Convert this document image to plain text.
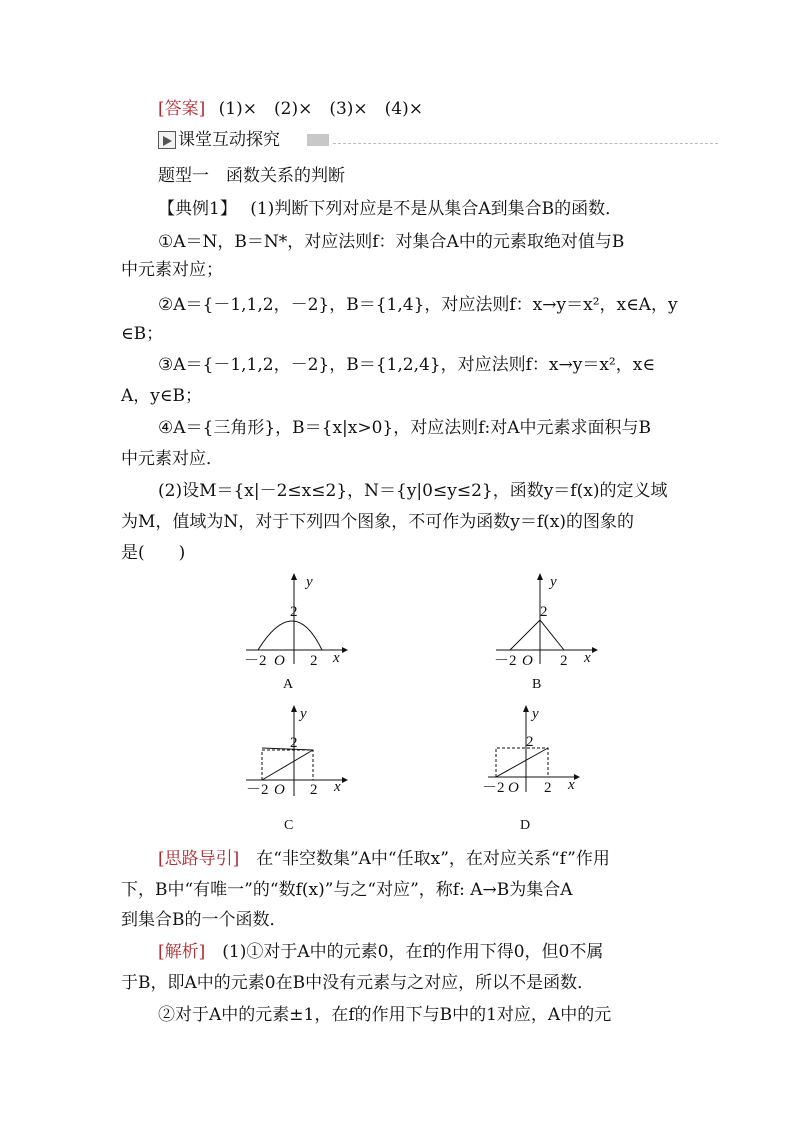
[答案] (1)×　(2)×　(3)×　(4)×
课堂互动探究
题型一　函数关系的判断
【典例1】 (1)判断下列对应是不是从集合A到集合B的函数．
①A＝N，B＝N*，对应法则f：对集合A中的元素取绝对值与B
中元素对应；
②A＝{－1,1,2，－2}，B＝{1,4}，对应法则f：x→y＝x²，x∈A，y
∈B；
③A＝{－1,1,2，－2}，B＝{1,2,4}，对应法则f：x→y＝x²，x∈
A，y∈B；
④A＝{三角形}，B＝{x|x>0}，对应法则f:对A中元素求面积与B
中元素对应．
(2)设M＝{x|－2≤x≤2}，N＝{y|0≤y≤2}，函数y＝f(x)的定义域
为M，值域为N，对于下列四个图象，不可作为函数y＝f(x)的图象的
是(　　)
y
2
－2 O 2 x
A
y
2
－2 O 2 x
B
y
2
－2 O 2 x
C
y
2
－2 O 2 x
D
[思路导引]　在“非空数集”A中“任取x”，在对应关系“f”作用
下，B中“有唯一”的“数f(x)”与之“对应”，称f: A→B为集合A
到集合B的一个函数．
[解析]　(1)①对于A中的元素0，在f的作用下得0，但0不属
于B，即A中的元素0在B中没有元素与之对应，所以不是函数．
②对于A中的元素±1，在f的作用下与B中的1对应，A中的元
